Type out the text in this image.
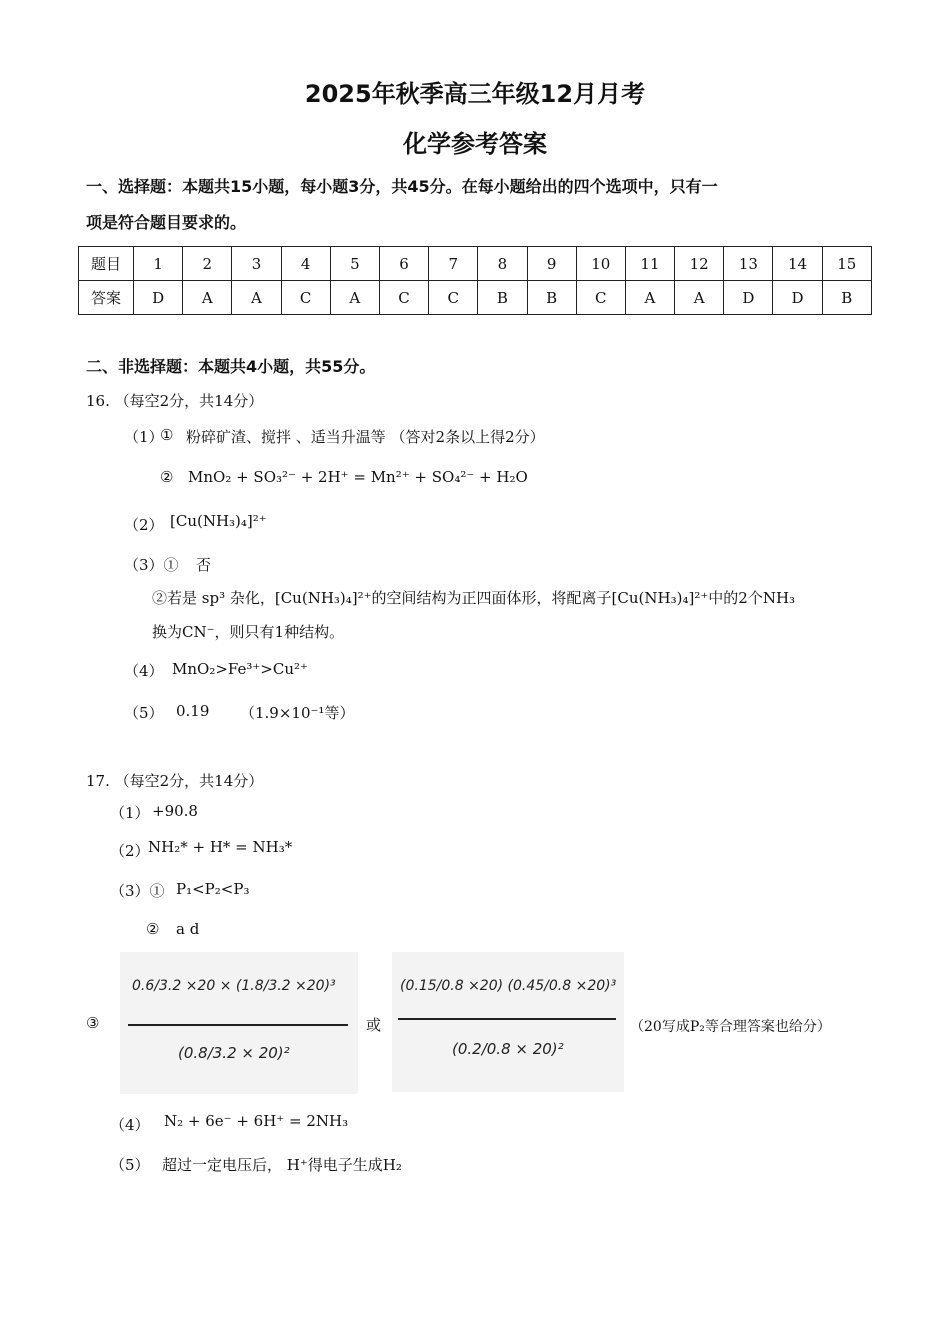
2025年秋季高三年级12月月考
化学参考答案
一、选择题：本题共15小题，每小题3分，共45分。在每小题给出的四个选项中，只有一
项是符合题目要求的。
题目	1	2	3	4	5	6	7	8	9	10	11	12	13	14	15
答案	D	A	A	C	A	C	C	B	B	C	A	A	D	D	B
二、非选择题：本题共4小题，共55分。
16. （每空2分，共14分）
（1）
① 粉碎矿渣、搅拌 、适当升温等 （答对2条以上得2分）
② MnO₂ + SO₃²⁻ + 2H⁺ = Mn²⁺ + SO₄²⁻ + H₂O
（2） [Cu(NH₃)₄]²⁺
（3）① 否
②若是 sp³ 杂化，[Cu(NH₃)₄]²⁺的空间结构为正四面体形，将配离子[Cu(NH₃)₄]²⁺中的2个NH₃
换为CN⁻，则只有1种结构。
（4） MnO₂>Fe³⁺>Cu²⁺
（5） 0.19 （1.9×10⁻¹等）
17. （每空2分，共14分）
（1） +90.8
（2）
NH₂* + H* = NH₃*
（3）① P₁<P₂<P₃
② a d
③
0.6/3.2 ×20 × (1.8/3.2 ×20)³
(0.8/3.2 × 20)²
或
(0.15/0.8 ×20) (0.45/0.8 ×20)³
(0.2/0.8 × 20)²
（20写成P₂等合理答案也给分）
（4） N₂ + 6e⁻ + 6H⁺ = 2NH₃
（5） 超过一定电压后， H⁺得电子生成H₂
